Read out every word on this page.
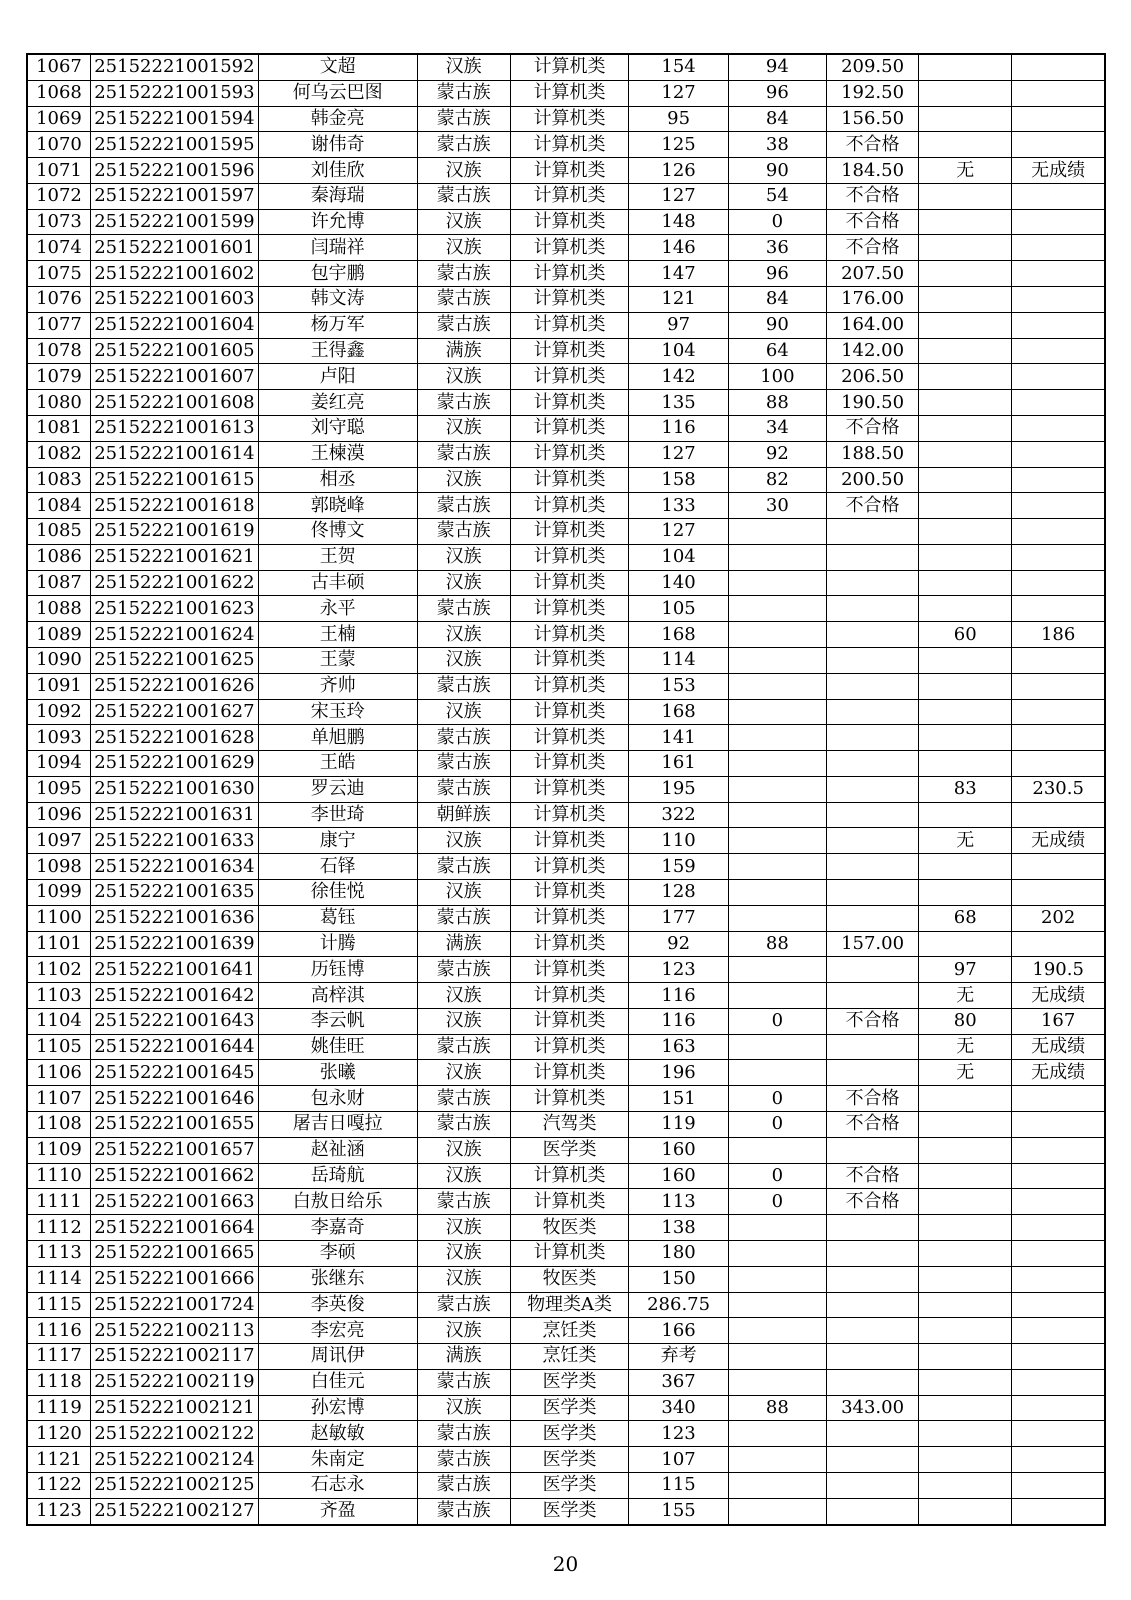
1067	25152221001592	文超	汉族	计算机类	154	94	209.50		
1068	25152221001593	何乌云巴图	蒙古族	计算机类	127	96	192.50		
1069	25152221001594	韩金亮	蒙古族	计算机类	95	84	156.50		
1070	25152221001595	谢伟奇	蒙古族	计算机类	125	38	不合格		
1071	25152221001596	刘佳欣	汉族	计算机类	126	90	184.50	无	无成绩
1072	25152221001597	秦海瑞	蒙古族	计算机类	127	54	不合格		
1073	25152221001599	许允博	汉族	计算机类	148	0	不合格		
1074	25152221001601	闫瑞祥	汉族	计算机类	146	36	不合格		
1075	25152221001602	包宇鹏	蒙古族	计算机类	147	96	207.50		
1076	25152221001603	韩文涛	蒙古族	计算机类	121	84	176.00		
1077	25152221001604	杨万军	蒙古族	计算机类	97	90	164.00		
1078	25152221001605	王得鑫	满族	计算机类	104	64	142.00		
1079	25152221001607	卢阳	汉族	计算机类	142	100	206.50		
1080	25152221001608	姜红亮	蒙古族	计算机类	135	88	190.50		
1081	25152221001613	刘守聪	汉族	计算机类	116	34	不合格		
1082	25152221001614	王楝漠	蒙古族	计算机类	127	92	188.50		
1083	25152221001615	相丞	汉族	计算机类	158	82	200.50		
1084	25152221001618	郭晓峰	蒙古族	计算机类	133	30	不合格		
1085	25152221001619	佟博文	蒙古族	计算机类	127				
1086	25152221001621	王贺	汉族	计算机类	104				
1087	25152221001622	古丰硕	汉族	计算机类	140				
1088	25152221001623	永平	蒙古族	计算机类	105				
1089	25152221001624	王楠	汉族	计算机类	168			60	186
1090	25152221001625	王蒙	汉族	计算机类	114				
1091	25152221001626	齐帅	蒙古族	计算机类	153				
1092	25152221001627	宋玉玲	汉族	计算机类	168				
1093	25152221001628	单旭鹏	蒙古族	计算机类	141				
1094	25152221001629	王皓	蒙古族	计算机类	161				
1095	25152221001630	罗云迪	蒙古族	计算机类	195			83	230.5
1096	25152221001631	李世琦	朝鲜族	计算机类	322				
1097	25152221001633	康宁	汉族	计算机类	110			无	无成绩
1098	25152221001634	石铎	蒙古族	计算机类	159				
1099	25152221001635	徐佳悦	汉族	计算机类	128				
1100	25152221001636	葛钰	蒙古族	计算机类	177			68	202
1101	25152221001639	计腾	满族	计算机类	92	88	157.00		
1102	25152221001641	历钰博	蒙古族	计算机类	123			97	190.5
1103	25152221001642	高梓淇	汉族	计算机类	116			无	无成绩
1104	25152221001643	李云帆	汉族	计算机类	116	0	不合格	80	167
1105	25152221001644	姚佳旺	蒙古族	计算机类	163			无	无成绩
1106	25152221001645	张曦	汉族	计算机类	196			无	无成绩
1107	25152221001646	包永财	蒙古族	计算机类	151	0	不合格		
1108	25152221001655	屠吉日嘎拉	蒙古族	汽驾类	119	0	不合格		
1109	25152221001657	赵祉涵	汉族	医学类	160				
1110	25152221001662	岳琦航	汉族	计算机类	160	0	不合格		
1111	25152221001663	白敖日给乐	蒙古族	计算机类	113	0	不合格		
1112	25152221001664	李嘉奇	汉族	牧医类	138				
1113	25152221001665	李硕	汉族	计算机类	180				
1114	25152221001666	张继东	汉族	牧医类	150				
1115	25152221001724	李英俊	蒙古族	物理类A类	286.75				
1116	25152221002113	李宏亮	汉族	烹饪类	166				
1117	25152221002117	周讯伊	满族	烹饪类	弃考				
1118	25152221002119	白佳元	蒙古族	医学类	367				
1119	25152221002121	孙宏博	汉族	医学类	340	88	343.00		
1120	25152221002122	赵敏敏	蒙古族	医学类	123				
1121	25152221002124	朱南定	蒙古族	医学类	107				
1122	25152221002125	石志永	蒙古族	医学类	115				
1123	25152221002127	齐盈	蒙古族	医学类	155				
20
